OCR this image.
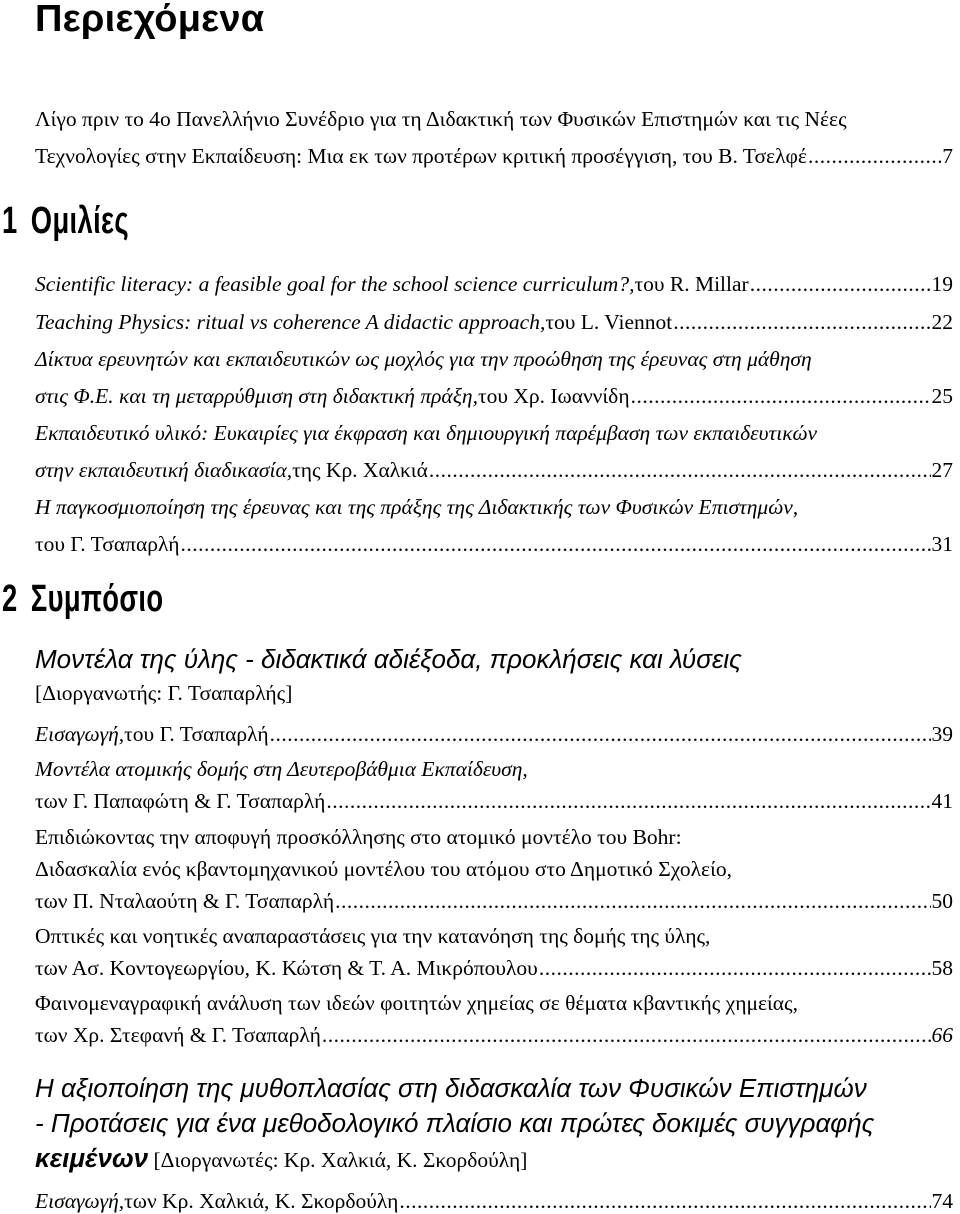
Περιεχόμενα
Λίγο πριν το 4ο Πανελλήνιο Συνέδριο για τη Διδακτική των Φυσικών Επιστημών και τις Νέες
Τεχνολογίες στην Εκπαίδευση: Μια εκ των προτέρων κριτική προσέγγιση, του Β. Τσελφέ .....	7
1 Ομιλίες
Scientific literacy: a feasible goal for the school science curriculum?, του R. Millar .....	19
Teaching Physics: ritual vs coherence A didactic approach, του L. Viennot .....	22
Δίκτυα ερευνητών και εκπαιδευτικών ως μοχλός για την προώθηση της έρευνας στη μάθηση
στις Φ.Ε. και τη μεταρρύθμιση στη διδακτική πράξη, του Χρ. Ιωαννίδη .....	25
Εκπαιδευτικό υλικό: Ευκαιρίες για έκφραση και δημιουργική παρέμβαση των εκπαιδευτικών
στην εκπαιδευτική διαδικασία, της Κρ. Χαλκιά .....	27
Η παγκοσμιοποίηση της έρευνας και της πράξης της Διδακτικής των Φυσικών Επιστημών,
του Γ. Τσαπαρλή .....	31
2 Συμπόσιο
Μοντέλα της ύλης - διδακτικά αδιέξοδα, προκλήσεις και λύσεις
[Διοργανωτής: Γ. Τσαπαρλής]
Εισαγωγή, του Γ. Τσαπαρλή .....	39
Μοντέλα ατομικής δομής στη Δευτεροβάθμια Εκπαίδευση,
των Γ. Παπαφώτη & Γ. Τσαπαρλή .....	41
Επιδιώκοντας την αποφυγή προσκόλλησης στο ατομικό μοντέλο του Bohr:
Διδασκαλία ενός κβαντομηχανικού μοντέλου του ατόμου στο Δημοτικό Σχολείο,
των Π. Νταλαούτη & Γ. Τσαπαρλή .....	50
Οπτικές και νοητικές αναπαραστάσεις για την κατανόηση της δομής της ύλης,
των Ασ. Κοντογεωργίου, Κ. Κώτση & Τ. Α. Μικρόπουλου .....	58
Φαινομεναγραφική ανάλυση των ιδεών φοιτητών χημείας σε θέματα κβαντικής χημείας,
των Χρ. Στεφανή & Γ. Τσαπαρλή .....	66
Η αξιοποίηση της μυθοπλασίας στη διδασκαλία των Φυσικών Επιστημών
- Προτάσεις για ένα μεθοδολογικό πλαίσιο και πρώτες δοκιμές συγγραφής
κειμένων [Διοργανωτές: Κρ. Χαλκιά, Κ. Σκορδούλη]
Εισαγωγή, των Κρ. Χαλκιά, Κ. Σκορδούλη .....	74
